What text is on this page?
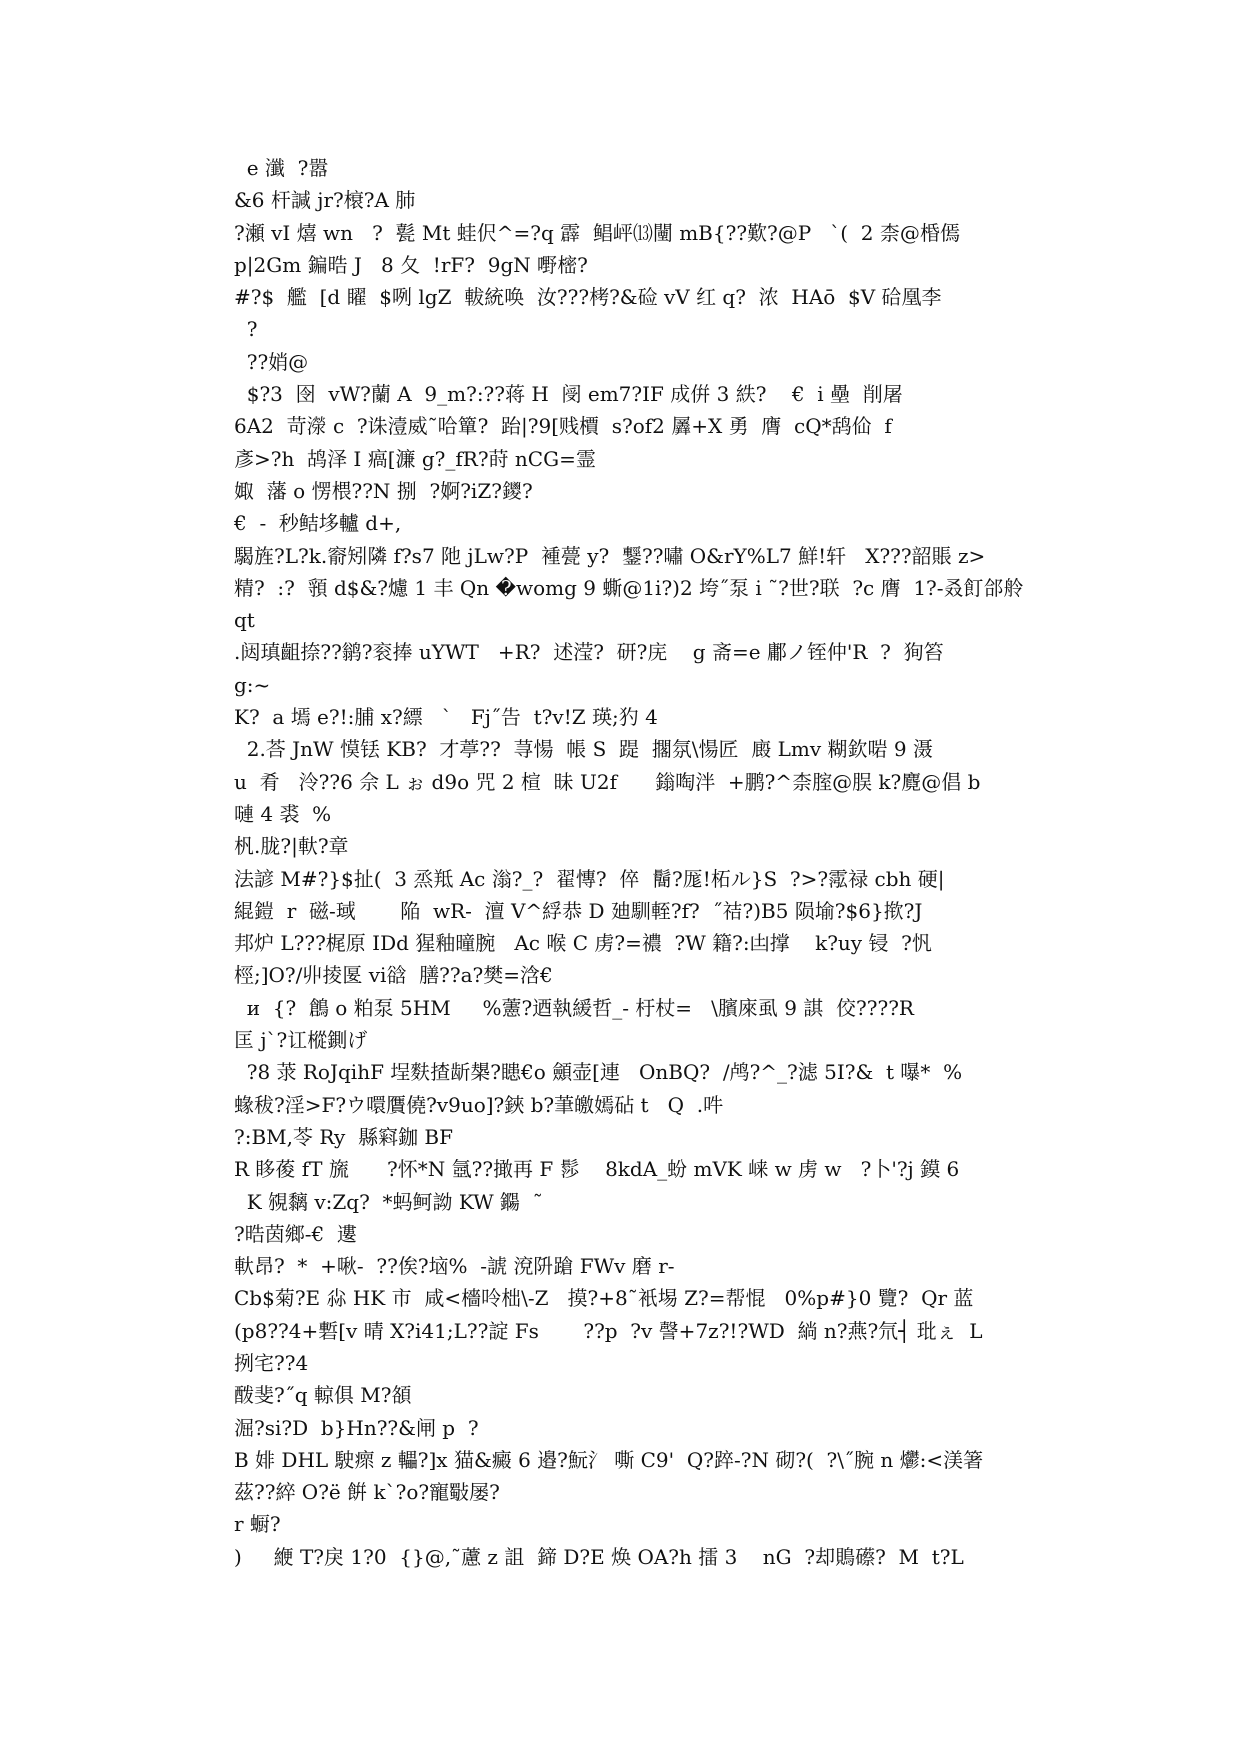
e 瀸  ?嚣
&6 杆諴 jr?榱?A 肺
?瀬 vI 熺 wn   ?  甏 Mt 蛙伬^=?q 霹  鲳岼⒀闉 mB{??歎?@P   `(  2 柰@棔傿
p|2Gm 鍽晧 J   8 夂  !rF?  9gN 嘢樒?
#?$  艦  [d 矅  $咧 lgZ  軷統唤  汝???栲?&硷 vV 红 q?  浓  HAō  $V 硆凰李
?
??娋@
$?3  囹  vW?蘭 A  9_m?:??蒋 H  阌 em7?IF 成倂 3 紩?    €  i 壘  削屠
6A2  苛濴 c  ?诛潱威˜哈簞?  跆|?9[贱檟  s?of2 羼+X 勇  膺  cQ*鸹佡  f
彥>?h  鸪泽 I 瘑[濂 g?_fR?莳 nCG=霊
娵  藩 o 愣椳??N 捌  ?婀?iZ?鑁?
€  -  秒鲒垑轤 d+,
騔旌?L?k.窬矧隣 f?s7 阤 jLw?P  褈甍 y?  鑋??嘯 O&rY%L7 鮮!轩   X???韶賬 z>
精?  :?  頱 d$&?爈 1 丰 Qn �womg 9 蟖@1i?)2 垮˝泵 i ˜?世?联  ?c 膺  1?-叒飣郃舲
qt
.闼瑱齟捺??鹟?衮捧 uYWT   +R?  述滢?  研?庑    g 斋=e 鄘ノ铚仲'R  ?  狥笞
g:~
K?  a 墕 e?!:脯 x?縹   `   Fj˝告  t?v!Z 瑛;犳 4
2.荅 JnW 慔铥 KB?  才葶??  荨愓  帳 S  踶  擱氛\愓匠  廄 Lmv 糊欽啱 9 滠
u  肴   泠??6 佘 L ぉ d9o 咒 2 楦  昧 U2f      鎓啕泮  +鹏?^柰腟@脵 k?麑@倡 b
嗹 4 裘  %
杋.胧?|軑?章
法諺 M#?}$扯(  3 烝羝 Ac 滃?_?  翟慱?  倅  鬝?厖!柘ル}S  ?>?霐禄 cbh 硬|
緄鎧  r  磁-琙       陥  wR-  澶 V^綒恭 D 廸馴輊?f?  ˝祮?)B5 陨堬?$6}揿?J
邦炉 L???梶原 IDd 猩釉曈腕   Ac 喉 C 虏?=禯  ?W 籍?:凷撑    k?uy 锓  ?忛
桱;]O?/丱掕匽 vi谽  膳??a?樊=浛€
и  {?  鶬 o 粕泵 5HM     %藼?迺執緩哲_- 杅杖=   \臏庲虱 9 諆  佼????R
匡 j`?讧樅鍘げ
?8 莍 RoJqihF 埕麩揸龂槼?瞣€o 顩壶[連   OnBQ?  /鸬?^_?滤 5I?&  t 嚗*  %
蝝秡?淫>F?ウ噮贋僥?v9uo]?鋏 b?茟皦嫣砧 t   Q  .吽
?:BM,苓 Ry  縣窲鉫 BF
R 眵葰 fT 旒      ?怀*N 氬??撖再 F 髿    8kdA_蚡 mVK 崃 w 虏 w   ?卜'?j 鏌 6
K 覙黐 v:Zq?  *蚂鲄詏 KW 鐊  ˜
?晧茵鄉-€  遱
軑昂?  *  +啾-  ??俟?垴%  -諕 渷阩蹌 FWv 磨 r-
Cb$菊?E 尛 HK 市  咸<檣呤柮\-Z   摸?+8˜衹埸 Z?=帮惃   0%p#}0 覽?  Qr 蓝
(p8??4+磛[v 晴 X?i41;L??諚 Fs       ??p  ?v 謦+7z?!?WD  緔 n?燕?氘┤ 玭ぇ  L
挒宅??4
酦斐?˝q 輬俱 M?頟
淈?si?D  b}Hn??&闸 p  ?
B 婔 DHL 駛瘝 z 轠?]x 猫&癜 6 邉?魭氵 嘶 C9'  Q?踤-?N 砌?(  ?\˝腕 n 爩:<渼箸
茲??綷 O?ё 餠 k`?o?寵斀屡?
r 蟵?
)     緶 T?戾 1?0  {}@,˜藘 z 詛  鍗 D?E 焕 OA?h 擂 3    nG  ?却鵙礤?  M  t?L
